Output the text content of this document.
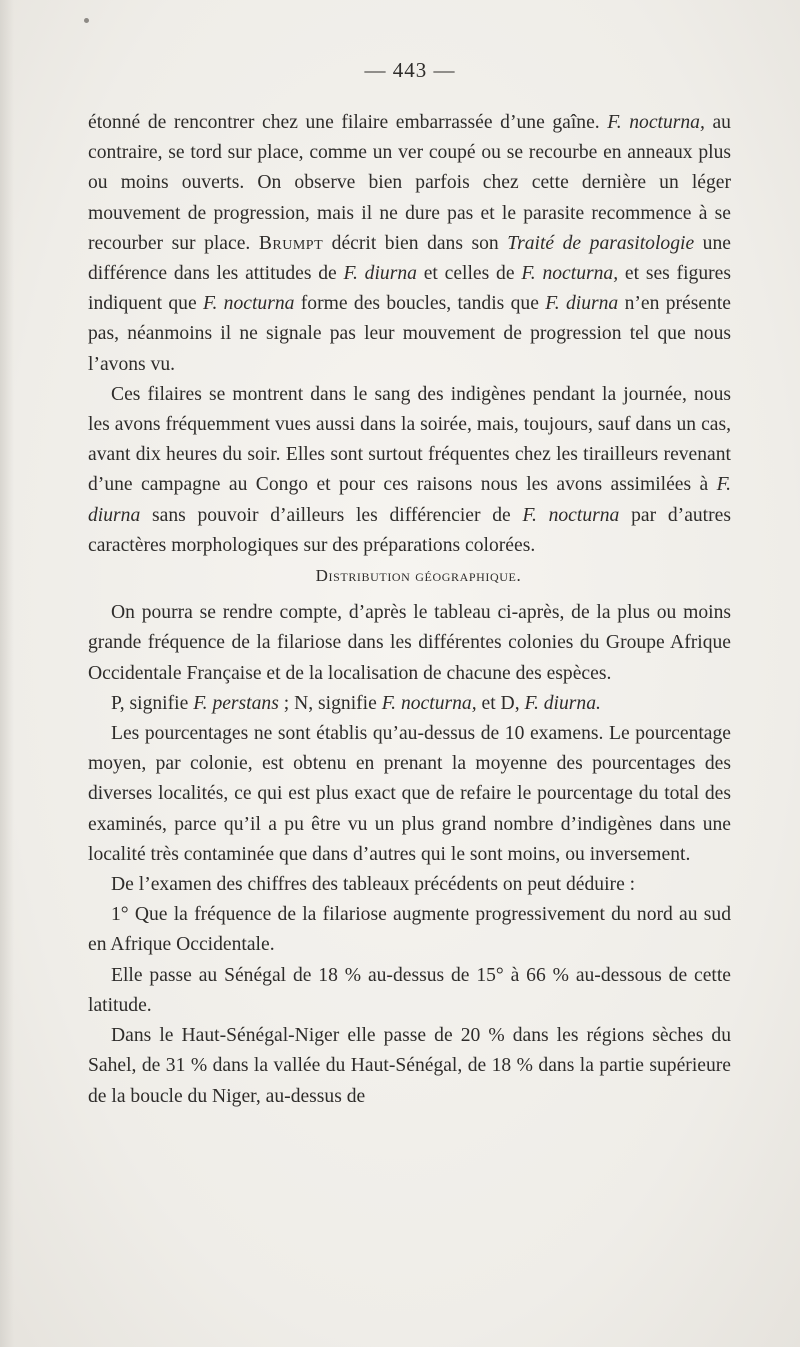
— 443 —

étonné de rencontrer chez une filaire embarrassée d’une gaîne. F. nocturna, au contraire, se tord sur place, comme un ver coupé ou se recourbe en anneaux plus ou moins ouverts. On observe bien parfois chez cette dernière un léger mouvement de progression, mais il ne dure pas et le parasite recommence à se recourber sur place. Brumpt décrit bien dans son Traité de parasitologie une différence dans les attitudes de F. diurna et celles de F. nocturna, et ses figures indiquent que F. nocturna forme des boucles, tandis que F. diurna n’en présente pas, néanmoins il ne signale pas leur mouvement de progression tel que nous l’avons vu.

Ces filaires se montrent dans le sang des indigènes pendant la journée, nous les avons fréquemment vues aussi dans la soirée, mais, toujours, sauf dans un cas, avant dix heures du soir. Elles sont surtout fréquentes chez les tirailleurs revenant d’une campagne au Congo et pour ces raisons nous les avons assimilées à F. diurna sans pouvoir d’ailleurs les différencier de F. nocturna par d’autres caractères morphologiques sur des préparations colorées.

Distribution géographique.

On pourra se rendre compte, d’après le tableau ci-après, de la plus ou moins grande fréquence de la filariose dans les différentes colonies du Groupe Afrique Occidentale Française et de la localisation de chacune des espèces.

P, signifie F. perstans ; N, signifie F. nocturna, et D, F. diurna.

Les pourcentages ne sont établis qu’au-dessus de 10 examens. Le pourcentage moyen, par colonie, est obtenu en prenant la moyenne des pourcentages des diverses localités, ce qui est plus exact que de refaire le pourcentage du total des examinés, parce qu’il a pu être vu un plus grand nombre d’indigènes dans une localité très contaminée que dans d’autres qui le sont moins, ou inversement.

De l’examen des chiffres des tableaux précédents on peut déduire :

1° Que la fréquence de la filariose augmente progressivement du nord au sud en Afrique Occidentale.

Elle passe au Sénégal de 18 % au-dessus de 15° à 66 % au-dessous de cette latitude.

Dans le Haut-Sénégal-Niger elle passe de 20 % dans les régions sèches du Sahel, de 31 % dans la vallée du Haut-Sénégal, de 18 % dans la partie supérieure de la boucle du Niger, au-dessus de
